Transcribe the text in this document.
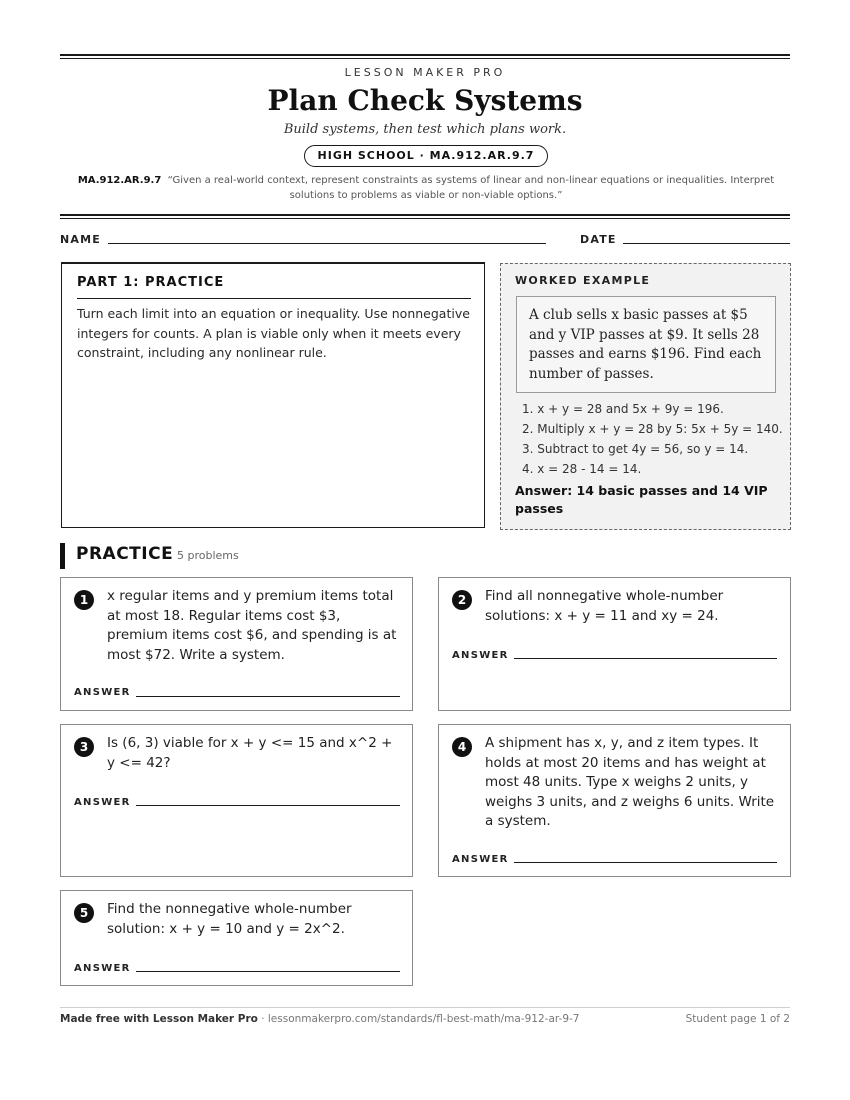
LESSON MAKER PRO
Plan Check Systems
Build systems, then test which plans work.
HIGH SCHOOL · MA.912.AR.9.7
MA.912.AR.9.7 “Given a real-world context, represent constraints as systems of linear and non-linear equations or inequalities. Interpret solutions to problems as viable or non-viable options.”
NAME	DATE
PART 1: PRACTICE
Turn each limit into an equation or inequality. Use nonnegative integers for counts. A plan is viable only when it meets every constraint, including any nonlinear rule.
WORKED EXAMPLE
A club sells x basic passes at $5 and y VIP passes at $9. It sells 28 passes and earns $196. Find each number of passes.
1. x + y = 28 and 5x + 9y = 196.
2. Multiply x + y = 28 by 5: 5x + 5y = 140.
3. Subtract to get 4y = 56, so y = 14.
4. x = 28 - 14 = 14.
Answer: 14 basic passes and 14 VIP passes
PRACTICE 5 problems
1	x regular items and y premium items total at most 18. Regular items cost $3, premium items cost $6, and spending is at most $72. Write a system.
ANSWER
2	Find all nonnegative whole-number solutions: x + y = 11 and xy = 24.
ANSWER
3	Is (6, 3) viable for x + y <= 15 and x^2 + y <= 42?
ANSWER
4	A shipment has x, y, and z item types. It holds at most 20 items and has weight at most 48 units. Type x weighs 2 units, y weighs 3 units, and z weighs 6 units. Write a system.
ANSWER
5	Find the nonnegative whole-number solution: x + y = 10 and y = 2x^2.
ANSWER
Made free with Lesson Maker Pro · lessonmakerpro.com/standards/fl-best-math/ma-912-ar-9-7	Student page 1 of 2
